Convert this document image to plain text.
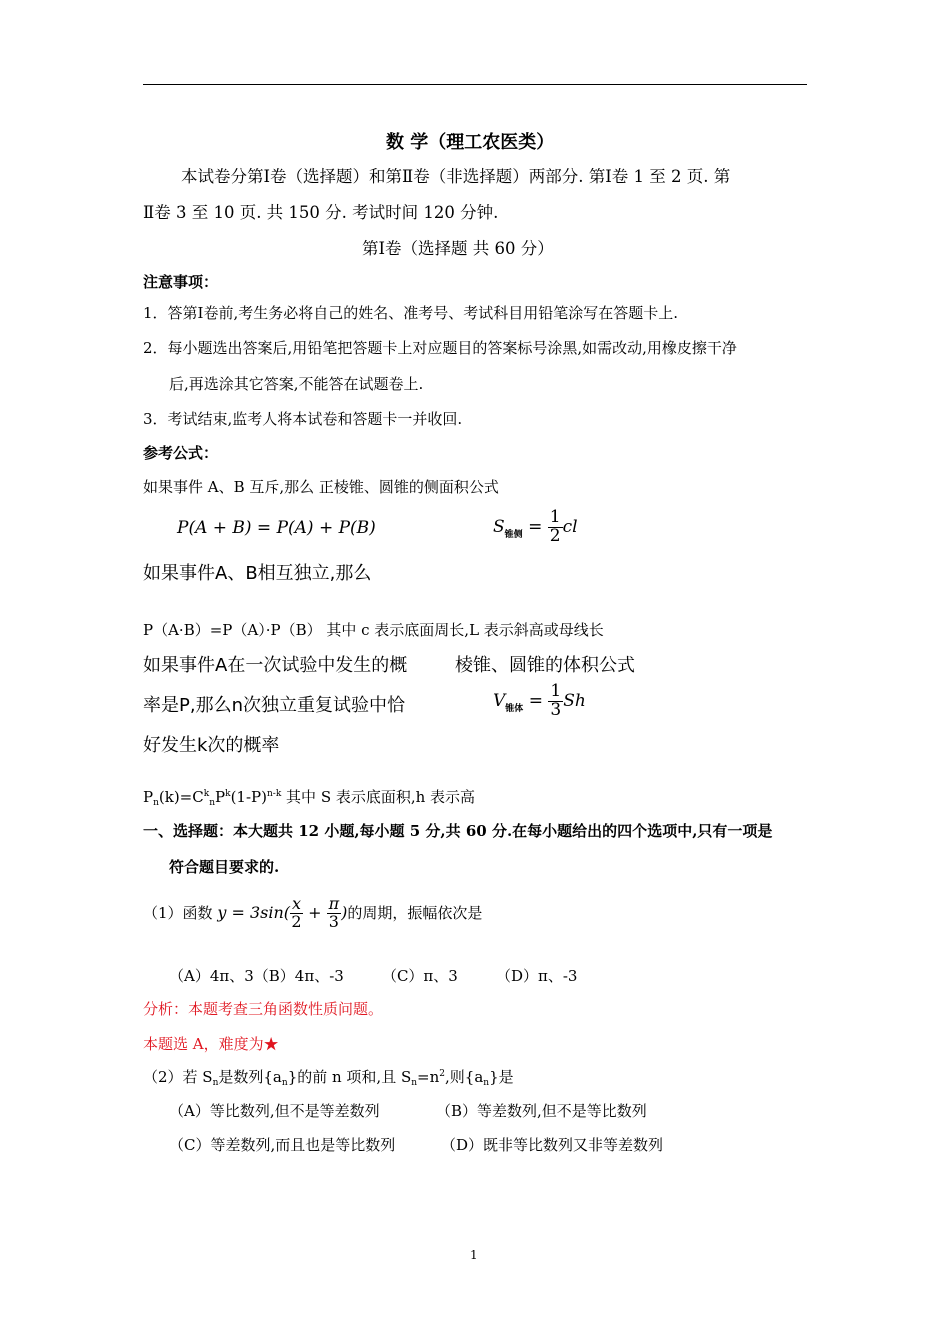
数 学（理工农医类）
本试卷分第Ⅰ卷（选择题）和第Ⅱ卷（非选择题）两部分. 第Ⅰ卷 1 至 2 页. 第
Ⅱ卷 3 至 10 页. 共 150 分. 考试时间 120 分钟.
第Ⅰ卷（选择题 共 60 分）
注意事项：
1．答第Ⅰ卷前,考生务必将自己的姓名、准考号、考试科目用铅笔涂写在答题卡上.
2．每小题选出答案后,用铅笔把答题卡上对应题目的答案标号涂黑,如需改动,用橡皮擦干净
后,再选涂其它答案,不能答在试题卷上.
3．考试结束,监考人将本试卷和答题卡一并收回.
参考公式：
如果事件 A、B 互斥,那么 正棱锥、圆锥的侧面积公式
P(A + B) = P(A) + P(B)	$S_{锥侧} = \frac{1}{2}$ cl
如果事件A、B相互独立,那么
P（A·B）=P（A）·P（B） 其中 c 表示底面周长,L 表示斜高或母线长
如果事件A在一次试验中发生的概	棱锥、圆锥的体积公式
率是P,那么n次独立重复试验中恰	$V_{锥体} = \frac{1}{3}$ Sh
好发生k次的概率
$P_n(k)=C^k_nP^k(1-P)^{n-k}$ 其中 S 表示底面积,h 表示高
一、选择题：本大题共 12 小题,每小题 5 分,共 60 分.在每小题给出的四个选项中,只有一项是
符合题目要求的.
（1）函数 $y = 3\sin( \frac{x}{2} + \frac{\pi}{3}$ )的周期，振幅依次是
（A）4π、3（B）4π、-3        （C）π、3        （D）π、-3
分析：本题考查三角函数性质问题。
本题选 A，难度为★
（2）若 $S_n$是数列$\{a_n\}$的前 n 项和,且 $S_n=n^2$,则$\{a_n\}$是
（A）等比数列,但不是等差数列	（B）等差数列,但不是等比数列
（C）等差数列,而且也是等比数列	（D）既非等比数列又非等差数列
1
